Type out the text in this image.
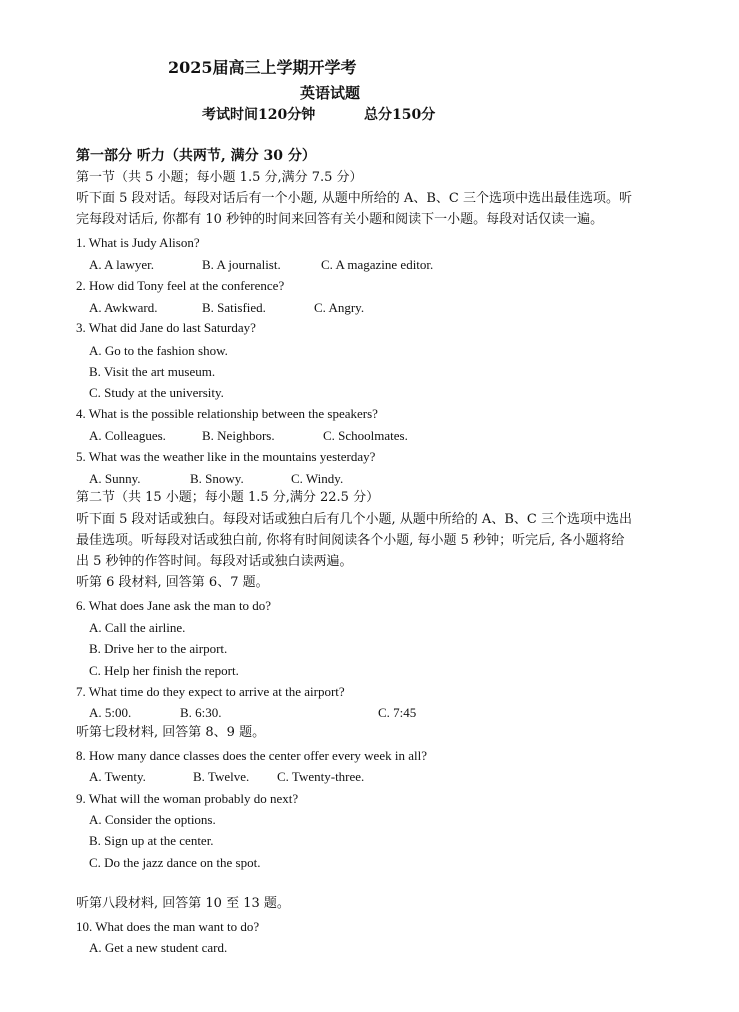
2025届高三上学期开学考
英语试题
考试时间120分钟	总分150分
第一部分 听力（共两节, 满分 30 分）
第一节（共 5 小题；每小题 1.5 分,满分 7.5 分）
听下面 5 段对话。每段对话后有一个小题, 从题中所给的 A、B、C 三个选项中选出最佳选项。听
完每段对话后, 你都有 10 秒钟的时间来回答有关小题和阅读下一小题。每段对话仅读一遍。
1. What is Judy Alison?
A. A lawyer.	B. A journalist.	C. A magazine editor.
2. How did Tony feel at the conference?
A. Awkward.	B. Satisfied.	C. Angry.
3. What did Jane do last Saturday?
A. Go to the fashion show.
B. Visit the art museum.
C. Study at the university.
4. What is the possible relationship between the speakers?
A. Colleagues.	B. Neighbors.	C. Schoolmates.
5. What was the weather like in the mountains yesterday?
A. Sunny.	B. Snowy.	C. Windy.
第二节（共 15 小题；每小题 1.5 分,满分 22.5 分）
听下面 5 段对话或独白。每段对话或独白后有几个小题, 从题中所给的 A、B、C 三个选项中选出
最佳选项。听每段对话或独白前, 你将有时间阅读各个小题, 每小题 5 秒钟；听完后, 各小题将给
出 5 秒钟的作答时间。每段对话或独白读两遍。
听第 6 段材料, 回答第 6、7 题。
6. What does Jane ask the man to do?
A. Call the airline.
B. Drive her to the airport.
C. Help her finish the report.
7. What time do they expect to arrive at the airport?
A. 5:00.	B. 6:30.	C. 7:45
听第七段材料, 回答第 8、9 题。
8. How many dance classes does the center offer every week in all?
A. Twenty.	B. Twelve. C. Twenty-three.
9. What will the woman probably do next?
A. Consider the options.
B. Sign up at the center.
C. Do the jazz dance on the spot.
听第八段材料, 回答第 10 至 13 题。
10. What does the man want to do?
A. Get a new student card.
